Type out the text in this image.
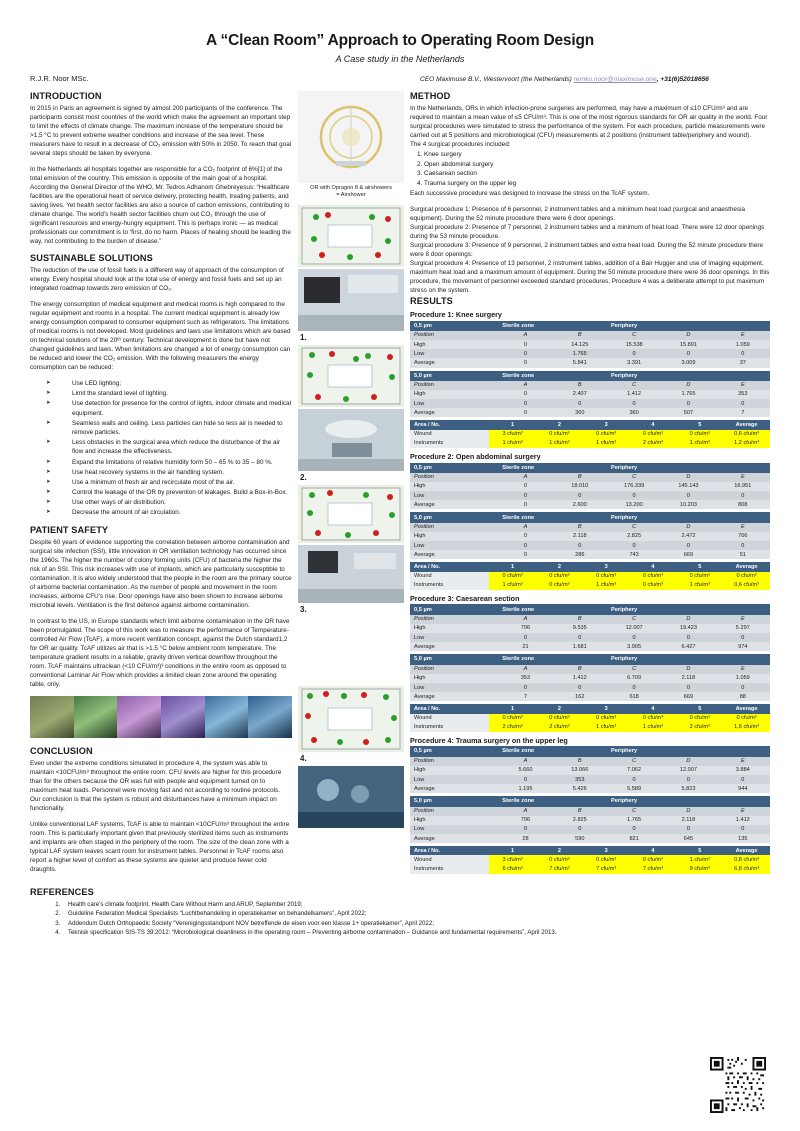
A “Clean Room” Approach to Operating Room Design
A Case study in the Netherlands
R.J.R. Noor MSc.	CEO Maximuse B.V., Westervoort (the Netherlands) remko.noor@maximuse.one, +31(6)52018656
INTRODUCTION

In 2015 in Paris an agreement is signed by almost 200 participants of the conference. The participants consist most countries of the world which make the agreement an important step to limit the effects of climate change. The maximum increase of the temperature should be >1,5 °C to prevent extreme weather conditions and increase of the sea level. These measurers have to result in a decrease of CO₂ emission with 50% in 2050. To reach that goal several steps should be taken by everyone.

In the Netherlands all hospitals together are responsible for a CO₂ footprint of 6%[1] of the total emission of the country. This emission is opposite of the main goal of a hospital. According the General Director of the WHO, Mr. Tedros Adhanom Ghebreyesus: “Healthcare facilities are the operational heart of service delivery, protecting health, treating patients, and saving lives. Yet health sector facilities are also a source of carbon emissions, contributing to climate change. The world’s health sector facilities churn out CO₂ through the use of significant resources and energy-hungry equipment. This is perhaps ironic — as medical professionals our commitment is to ‘first, do no harm. Places of healing should be leading the way, not contributing to the burden of disease.”

SUSTAINABLE SOLUTIONS

The reduction of the use of fossil fuels is a different way of approach of the consumption of energy. Every hospital should look at the total use of energy and fossil fuels and set up an integrated roadmap towards zero emission of CO₂.

The energy consumption of medical equipment and medical rooms is high compared to the regular equipment and rooms in a hospital. The current medical equipment is already low energy consumption compared to consumer equipment such as refrigerators. The limitations of medical rooms is not developed. Most guidelines and laws use limitations which are based on technical solutions of the 20ᵗʰ century. Technical development is done but have not changed guidelines and laws. When limitations are changed a lot of energy consumption can be reduced and lower the CO₂ emission. With the following measurers the energy consumption can be reduced:

➤ Use LED lighting;
➤ Limit the standard level of lighting.
➤ Use detection for presence for the control of lights, indoor climate and medical equipment.
➤ Seamless walls and ceiling. Less particles can hide so less air is needed to remove particles.
➤ Less obstacles in the surgical area which reduce the disturbance of the air flow and increase the effectiveness.
➤ Expand the limitations of relative humidity form 50 – 65 % to 35 – 80 %.
➤ Use heat recovery systems in the air handling system.
➤ Use a minimum of fresh air and recirculate most of the air.
➤ Control the leakage of the OR by prevention of leakages. Build a Box-in-Box.
➤ Use other ways of air distribution.
➤ Decrease the amount of air circulation.
PATIENT SAFETY

Despite 60 years of evidence supporting the correlation between airborne contamination and surgical site infection (SSI), little innovation in OR ventilation technology has occurred since the 1960s. The higher the number of colony forming units (CFU) of bacteria the higher the risk of an SSI. This risk increases with use of implants, which are particularly susceptible to contamination. It is also widely understood that the people in the room are the primary source of airborne bacterial contamination. As the number of people and movement in the room increases, airborne CFU’s rise. Door openings have also been shown to increase airborne microbial levels. Ventilation is the first defence against airborne contamination.

In contrast to the US, in Europe standards which limit airborne contamination in the OR have been promulgated. The scope of this work was to measure the performance of Temperature-controlled Air Flow (TcAF), a more recent ventilation concept, against the Dutch standard1,2 for OR air quality. TcAF utilizes air that is >1.5 °C below ambient room temperature. The temperature gradient results in a reliable, gravity driven vertical downflow throughout the room. TcAF maintains ultraclean (<10 CFU/m³)³ conditions in the entire room as opposed to conventional Laminar Air Flow which provides a limited clean zone around the operating table, only.

CONCLUSION

Even under the extreme conditions simulated in procedure 4, the system was able to maintain <10CFU/m³ throughout the entire room. CFU levels are higher for this procedure than for the others because the OR was full with people and equipment turned on to maximum heat loads. Personnel were moving fast and not according to routine protocols. Our conclusion is that the system is robust and disturbances have a minimum impact on functionality.

Unlike conventional LAF systems, TcAF is able to maintain <10CFU/m³ throughout the entire room. This is particularly important given that previously sterilized items such as instruments and implants are often staged in the periphery of the room. The size of the clean zone with a typical LAF system leaves scant room for instrument tables. Personnel in TcAF rooms also report a higher level of comfort as these systems are quieter and produce fewer cold draughts.

OR with Opragon 8 & airshowers
= Airshower
1.
2.
3.
4.
METHOD

In the Netherlands, ORs in which infection-prone surgeries are performed, may have a maximum of ≤10 CFU/m³ and are required to maintain a mean value of ≤5 CFU/m³. This is one of the most rigorous standards for OR air quality in the world. Four surgical procedures were simulated to stress the performance of the system. For each procedure, particle measurements were carried out at 5 positions and microbiological (CFU) measurements at 2 positions (instrument table/periphery and wound).

The 4 surgical procedures included:

1. Knee surgery
2. Open abdominal surgery
3. Caesarean section
4. Trauma surgery on the upper leg

Each successive procedure was designed to increase the stress on the TcAF system.

Surgical procedure 1: Presence of 6 personnel, 2 instrument tables and a minimum heat load (surgical and anaesthesia equipment). During the 52 minute procedure there were 6 door openings.

Surgical procedure 2: Presence of 7 personnel, 2 instrument tables and a minimum of heat load. There were 12 door openings during the 53 minute procedure.

Surgical procedure 3: Presence of 9 personnel, 2 instrument tables and extra heat load. During the 52 minute procedure there were 8 door openings:

Surgical procedure 4: Presence of 13 personnel, 2 instrument tables, addition of a Bair Hugger and use of imaging equipment, maximum heat load and a maximum amount of equipment. During the 50 minute procedure there were 36 door openings. In this procedure, the movement of personnel exceeded standard procedures. Procedure 4 was a deliberate attempt to put maximum stress on the system.

RESULTS
Procedure 1: Knee surgery
0,5 µm	Sterile zone		Periphery		
Position	A	B	C	D	E
High	0	14.125	15.538	15.891	1.059
Low	0	1.765	0	0	0
Average	0	5.841	3.391	3.009	37
5,0 µm	Sterile zone		Periphery		
Position	A	B	C	D	E
High	0	2.407	1.412	1.765	353
Low	0	0	0	0	0
Average	0	360	360	507	7
Area / No.	1	2	3	4	5	Average
Wound	3 cfu/m³	0 cfu/m³	0 cfu/m³	0 cfu/m³	0 cfu/m³	0,6 cfu/m³
Instruments	1 cfu/m³	1 cfu/m³	1 cfu/m³	2 cfu/m³	1 cfu/m³	1,2 cfu/m³
Procedure 2: Open abdominal surgery
0,5 µm	Sterile zone		Periphery		
Position	A	B	C	D	E
High	0	18.010	176.339	145.143	16.951
Low	0	0	0	0	0
Average	0	2.600	13.200	10.203	808
5,0 µm	Sterile zone		Periphery		
Position	A	B	C	D	E
High	0	2.118	2.825	2.472	706
Low	0	0	0	0	0
Average	0	286	743	669	51
Area / No.	1	2	3	4	5	Average
Wound	0 cfu/m³	0 cfu/m³	0 cfu/m³	0 cfu/m³	0 cfu/m³	0 cfu/m³
Instruments	1 cfu/m³	0 cfu/m³	1 cfu/m³	0 cfu/m³	1 cfu/m³	0,6 cfu/m³
Procedure 3: Caesarean section
0,5 µm	Sterile zone		Periphery		
Position	A	B	C	D	E
High	706	9.535	12.007	19.423	5.297
Low	0	0	0	0	0
Average	21	1.681	3.905	6.427	974
5,0 µm	Sterile zone		Periphery		
Position	A	B	C	D	E
High	353	1.412	6.709	2.118	1.059
Low	0	0	0	0	0
Average	7	162	618	669	88
Area / No.	1	2	3	4	5	Average
Wound	0 cfu/m³	0 cfu/m³	0 cfu/m³	0 cfu/m³	0 cfu/m³	0 cfu/m³
Instruments	2 cfu/m³	2 cfu/m³	1 cfu/m³	1 cfu/m³	2 cfu/m³	1,6 cfu/m³
Procedure 4: Trauma surgery on the upper leg
0,5 µm	Sterile zone		Periphery		
Position	A	B	C	D	E
High	5.660	13.066	7.062	12.007	3.884
Low	0	353	0	0	0
Average	1.195	5.426	5.589	5.823	944
5,0 µm	Sterile zone		Periphery		
Position	A	B	C	D	E
High	706	2.825	1.765	2.118	1.412
Low	0	0	0	0	0
Average	28	590	821	645	135
Area / No.	1	2	3	4	5	Average
Wound	3 cfu/m³	0 cfu/m³	0 cfu/m³	0 cfu/m³	1 cfu/m³	0,8 cfu/m³
Instruments	6 cfu/m³	7 cfu/m³	7 cfu/m³	7 cfu/m³	9 cfu/m³	6,8 cfu/m³
REFERENCES
1. Health care’s climate footprint, Health Care Without Harm and ARUP, September 2019;
2. Guideline Federation Medical Specialists “Luchtbehandeling in operatiekamer en behandelkamers”, April 2022;
3. Addendum Dutch Orthopaedic Society “Verenigingsstandpunt NOV betreffende de eisen voor een klasse 1+ operatiekamer”, April 2022;
4. Teknisk specification SIS-TS 39:2012: “Microbiological cleanliness in the operating room – Preventing airborne contamination – Guidance and fundamental requirements”, April 2013.
